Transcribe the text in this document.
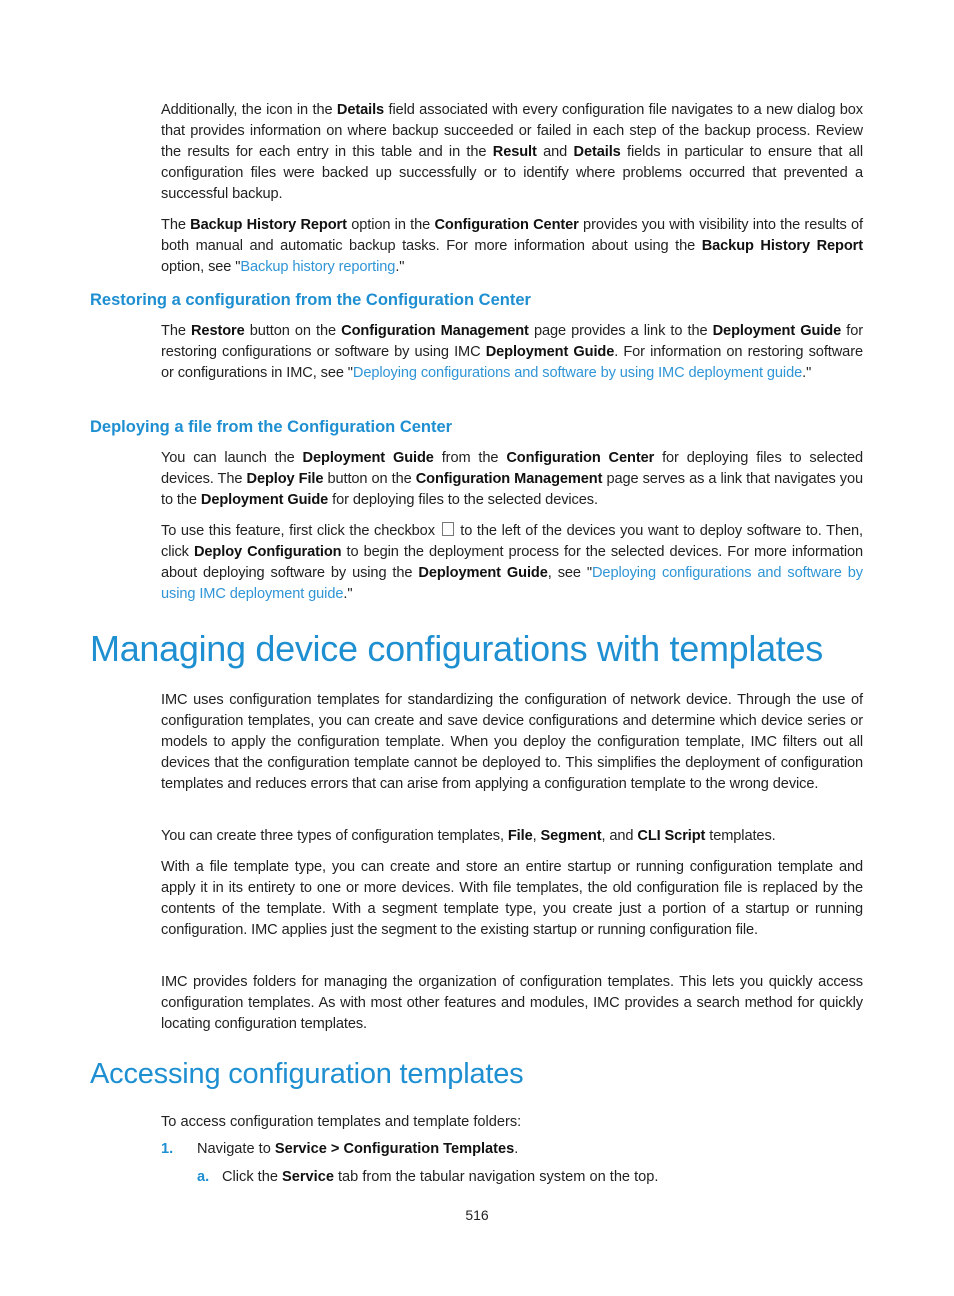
Additionally, the icon in the Details field associated with every configuration file navigates to a new dialog box that provides information on where backup succeeded or failed in each step of the backup process. Review the results for each entry in this table and in the Result and Details fields in particular to ensure that all configuration files were backed up successfully or to identify where problems occurred that prevented a successful backup.

The Backup History Report option in the Configuration Center provides you with visibility into the results of both manual and automatic backup tasks. For more information about using the Backup History Report option, see "Backup history reporting."

Restoring a configuration from the Configuration Center

The Restore button on the Configuration Management page provides a link to the Deployment Guide for restoring configurations or software by using IMC Deployment Guide. For information on restoring software or configurations in IMC, see "Deploying configurations and software by using IMC deployment guide."

Deploying a file from the Configuration Center

You can launch the Deployment Guide from the Configuration Center for deploying files to selected devices. The Deploy File button on the Configuration Management page serves as a link that navigates you to the Deployment Guide for deploying files to the selected devices.

To use this feature, first click the checkbox  to the left of the devices you want to deploy software to. Then, click Deploy Configuration to begin the deployment process for the selected devices. For more information about deploying software by using the Deployment Guide, see "Deploying configurations and software by using IMC deployment guide."

Managing device configurations with templates

IMC uses configuration templates for standardizing the configuration of network device. Through the use of configuration templates, you can create and save device configurations and determine which device series or models to apply the configuration template. When you deploy the configuration template, IMC filters out all devices that the configuration template cannot be deployed to. This simplifies the deployment of configuration templates and reduces errors that can arise from applying a configuration template to the wrong device.

You can create three types of configuration templates, File, Segment, and CLI Script templates.

With a file template type, you can create and store an entire startup or running configuration template and apply it in its entirety to one or more devices. With file templates, the old configuration file is replaced by the contents of the template. With a segment template type, you create just a portion of a startup or running configuration. IMC applies just the segment to the existing startup or running configuration file.

IMC provides folders for managing the organization of configuration templates. This lets you quickly access configuration templates. As with most other features and modules, IMC provides a search method for quickly locating configuration templates.

Accessing configuration templates

To access configuration templates and template folders:

1. Navigate to Service > Configuration Templates.
a. Click the Service tab from the tabular navigation system on the top.
516
